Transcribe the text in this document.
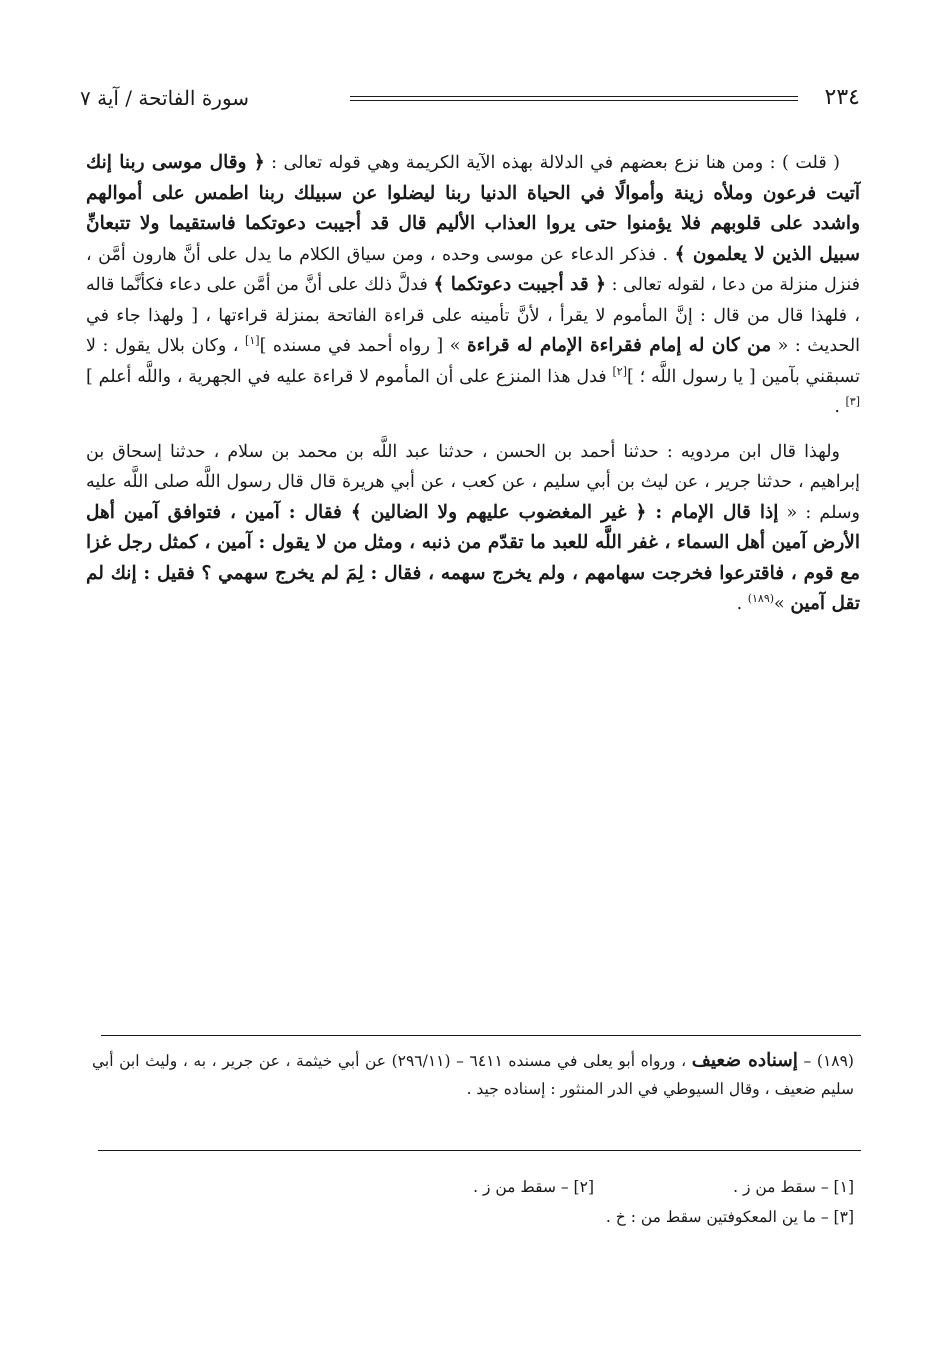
٢٣٤
سورة الفاتحة / آية ٧

( قلت ) : ومن هنا نزع بعضهم في الدلالة بهذه الآية الكريمة وهي قوله تعالى : ﴿ وقال موسى ربنا إنك آتيت فرعون وملأه زينة وأموالًا في الحياة الدنيا ربنا ليضلوا عن سبيلك ربنا اطمس على أموالهم واشدد على قلوبهم فلا يؤمنوا حتى يروا العذاب الأليم قال قد أجيبت دعوتكما فاستقيما ولا تتبعانِّ سبيل الذين لا يعلمون ﴾ . فذكر الدعاء عن موسى وحده ، ومن سياق الكلام ما يدل على أنَّ هارون أمَّن ، فنزل منزلة من دعا ، لقوله تعالى : ﴿ قد أجيبت دعوتكما ﴾ فدلَّ ذلك على أنَّ من أمَّن على دعاء فكأنَّما قاله ، فلهذا قال من قال : إنَّ المأموم لا يقرأ ، لأنَّ تأمينه على قراءة الفاتحة بمنزلة قراءتها ، [ ولهذا جاء في الحديث : « من كان له إمام فقراءة الإمام له قراءة » [ رواه أحمد في مسنده ][١] ، وكان بلال يقول : لا تسبقني بآمين [ يا رسول اللَّه ؛ ][٢] فدل هذا المنزع على أن المأموم لا قراءة عليه في الجهرية ، واللَّه أعلم ][٣] .

ولهذا قال ابن مردويه : حدثنا أحمد بن الحسن ، حدثنا عبد اللَّه بن محمد بن سلام ، حدثنا إسحاق بن إبراهيم ، حدثنا جرير ، عن ليث بن أبي سليم ، عن كعب ، عن أبي هريرة قال قال رسول اللَّه صلى اللَّه عليه وسلم : « إذا قال الإمام : ﴿ غير المغضوب عليهم ولا الضالين ﴾ فقال : آمين ، فتوافق آمين أهل الأرض آمين أهل السماء ، غفر اللَّه للعبد ما تقدّم من ذنبه ، ومثل من لا يقول : آمين ، كمثل رجل غزا مع قوم ، فاقترعوا فخرجت سهامهم ، ولم يخرج سهمه ، فقال : لِمَ لم يخرج سهمي ؟ فقيل : إنك لم تقل آمين »$^{(١٨٩)}$ .

(١٨٩) – إسناده ضعيف ، ورواه أبو يعلى في مسنده ٦٤١١ – (٢٩٦/١١) عن أبي خيثمة ، عن جرير ، به ، وليث ابن أبي سليم ضعيف ، وقال السيوطي في الدر المنثور : إسناده جيد .
[١] – سقط من ز .
[٢] – سقط من ز .
[٣] – ما ين المعكوفتين سقط من : خ .
